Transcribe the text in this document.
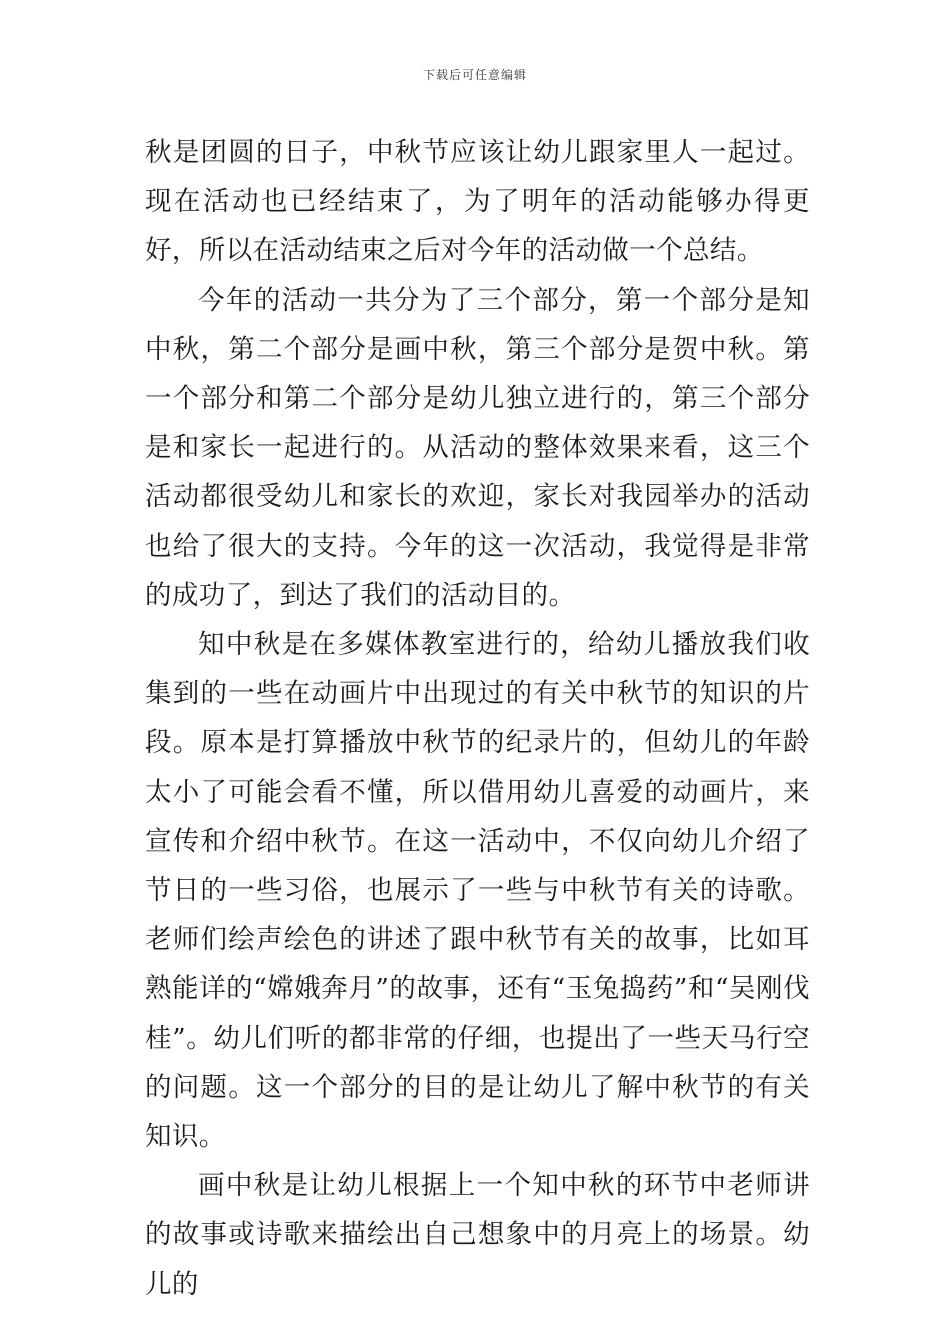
下载后可任意编辑

秋是团圆的日子，中秋节应该让幼儿跟家里人一起过。现在活动也已经结束了，为了明年的活动能够办得更好，所以在活动结束之后对今年的活动做一个总结。

今年的活动一共分为了三个部分，第一个部分是知中秋，第二个部分是画中秋，第三个部分是贺中秋。第一个部分和第二个部分是幼儿独立进行的，第三个部分是和家长一起进行的。从活动的整体效果来看，这三个活动都很受幼儿和家长的欢迎，家长对我园举办的活动也给了很大的支持。今年的这一次活动，我觉得是非常的成功了，到达了我们的活动目的。

知中秋是在多媒体教室进行的，给幼儿播放我们收集到的一些在动画片中出现过的有关中秋节的知识的片段。原本是打算播放中秋节的纪录片的，但幼儿的年龄太小了可能会看不懂，所以借用幼儿喜爱的动画片，来宣传和介绍中秋节。在这一活动中，不仅向幼儿介绍了节日的一些习俗，也展示了一些与中秋节有关的诗歌。老师们绘声绘色的讲述了跟中秋节有关的故事，比如耳熟能详的“嫦娥奔月”的故事，还有“玉兔捣药”和“吴刚伐桂”。幼儿们听的都非常的仔细，也提出了一些天马行空的问题。这一个部分的目的是让幼儿了解中秋节的有关知识。

画中秋是让幼儿根据上一个知中秋的环节中老师讲的故事或诗歌来描绘出自己想象中的月亮上的场景。幼儿的
